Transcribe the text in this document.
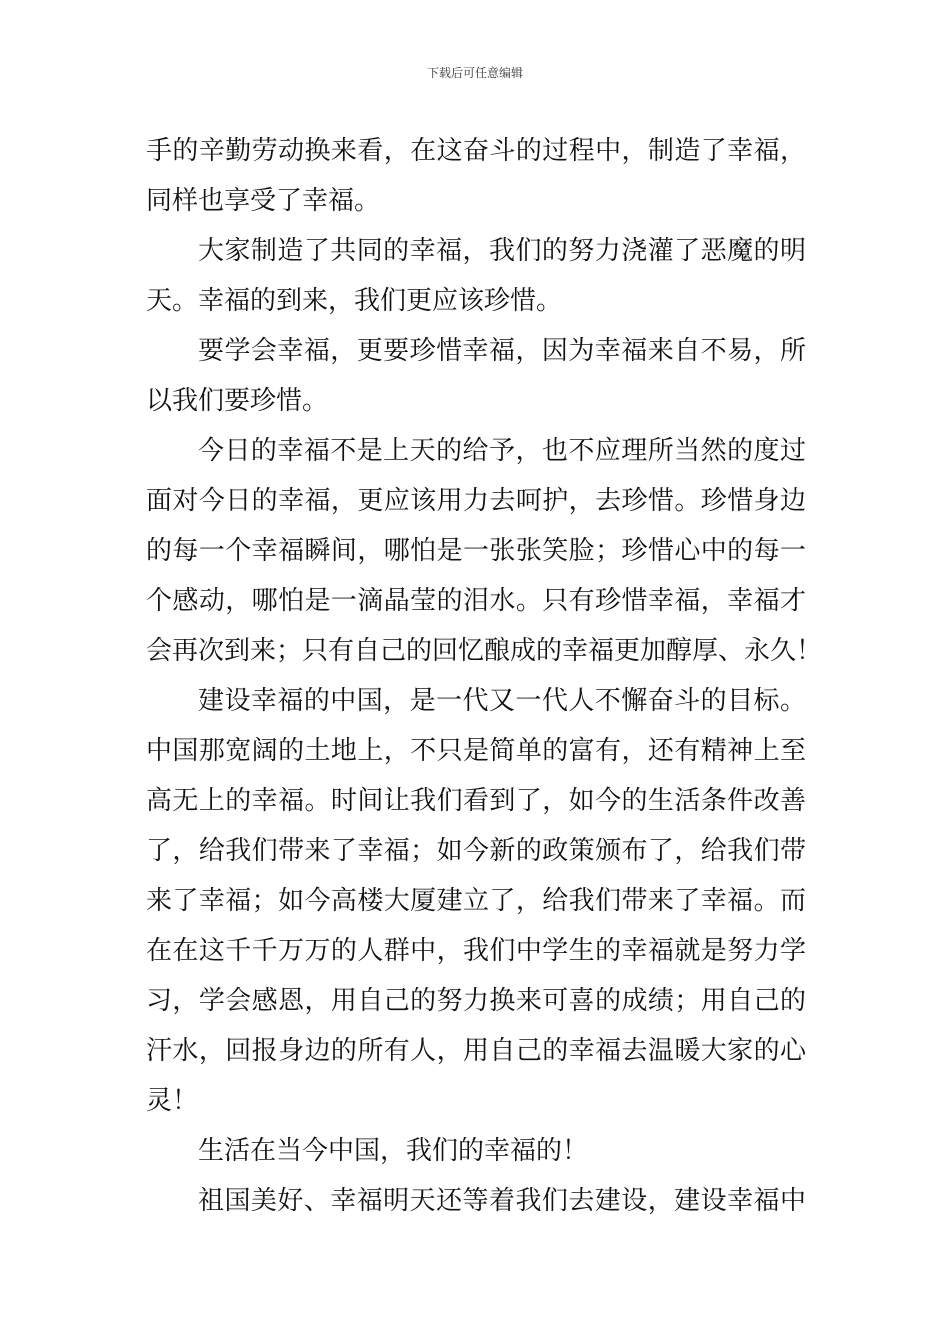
下载后可任意编辑
手的辛勤劳动换来看，在这奋斗的过程中，制造了幸福，
同样也享受了幸福。
大家制造了共同的幸福，我们的努力浇灌了恶魔的明
天。幸福的到来，我们更应该珍惜。
要学会幸福，更要珍惜幸福，因为幸福来自不易，所
以我们要珍惜。
今日的幸福不是上天的给予，也不应理所当然的度过
面对今日的幸福，更应该用力去呵护，去珍惜。珍惜身边
的每一个幸福瞬间，哪怕是一张张笑脸；珍惜心中的每一
个感动，哪怕是一滴晶莹的泪水。只有珍惜幸福，幸福才
会再次到来；只有自己的回忆酿成的幸福更加醇厚、永久！
建设幸福的中国，是一代又一代人不懈奋斗的目标。
中国那宽阔的土地上，不只是简单的富有，还有精神上至
高无上的幸福。时间让我们看到了，如今的生活条件改善
了，给我们带来了幸福；如今新的政策颁布了，给我们带
来了幸福；如今高楼大厦建立了，给我们带来了幸福。而
在在这千千万万的人群中，我们中学生的幸福就是努力学
习，学会感恩，用自己的努力换来可喜的成绩；用自己的
汗水，回报身边的所有人，用自己的幸福去温暖大家的心
灵！
生活在当今中国，我们的幸福的！
祖国美好、幸福明天还等着我们去建设，建设幸福中
